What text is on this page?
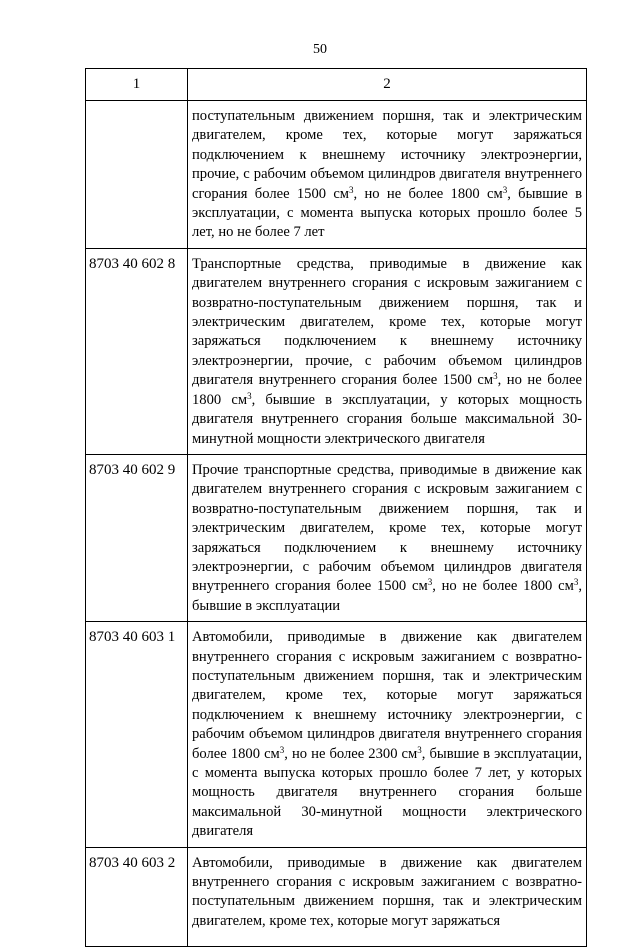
50
1	2
	поступательным движением поршня, так и электрическим двигателем, кроме тех, которые могут заряжаться подключением к внешнему источнику электроэнергии, прочие, с рабочим объемом цилиндров двигателя внутреннего сгорания более 1500 $см^3$, но не более 1800 $см^3$, бывшие в эксплуатации, с момента выпуска которых прошло более 5 лет, но не более 7 лет
8703 40 602 8	Транспортные средства, приводимые в движение как двигателем внутреннего сгорания с искровым зажиганием с возвратно-поступательным движением поршня, так и электрическим двигателем, кроме тех, которые могут заряжаться подключением к внешнему источнику электроэнергии, прочие, с рабочим объемом цилиндров двигателя внутреннего сгорания более 1500 $см^3$, но не более 1800 $см^3$, бывшие в эксплуатации, у которых мощность двигателя внутреннего сгорания больше максимальной 30-минутной мощности электрического двигателя
8703 40 602 9	Прочие транспортные средства, приводимые в движение как двигателем внутреннего сгорания с искровым зажиганием с возвратно-поступательным движением поршня, так и электрическим двигателем, кроме тех, которые могут заряжаться подключением к внешнему источнику электроэнергии, с рабочим объемом цилиндров двигателя внутреннего сгорания более 1500 $см^3$, но не более 1800 $см^3$, бывшие в эксплуатации
8703 40 603 1	Автомобили, приводимые в движение как двигателем внутреннего сгорания с искровым зажиганием с возвратно-поступательным движением поршня, так и электрическим двигателем, кроме тех, которые могут заряжаться подключением к внешнему источнику электроэнергии, с рабочим объемом цилиндров двигателя внутреннего сгорания более 1800 $см^3$, но не более 2300 $см^3$, бывшие в эксплуатации, с момента выпуска которых прошло более 7 лет, у которых мощность двигателя внутреннего сгорания больше максимальной 30-минутной мощности электрического двигателя
8703 40 603 2	Автомобили, приводимые в движение как двигателем внутреннего сгорания с искровым зажиганием с возвратно-поступательным движением поршня, так и электрическим двигателем, кроме тех, которые могут заряжаться
